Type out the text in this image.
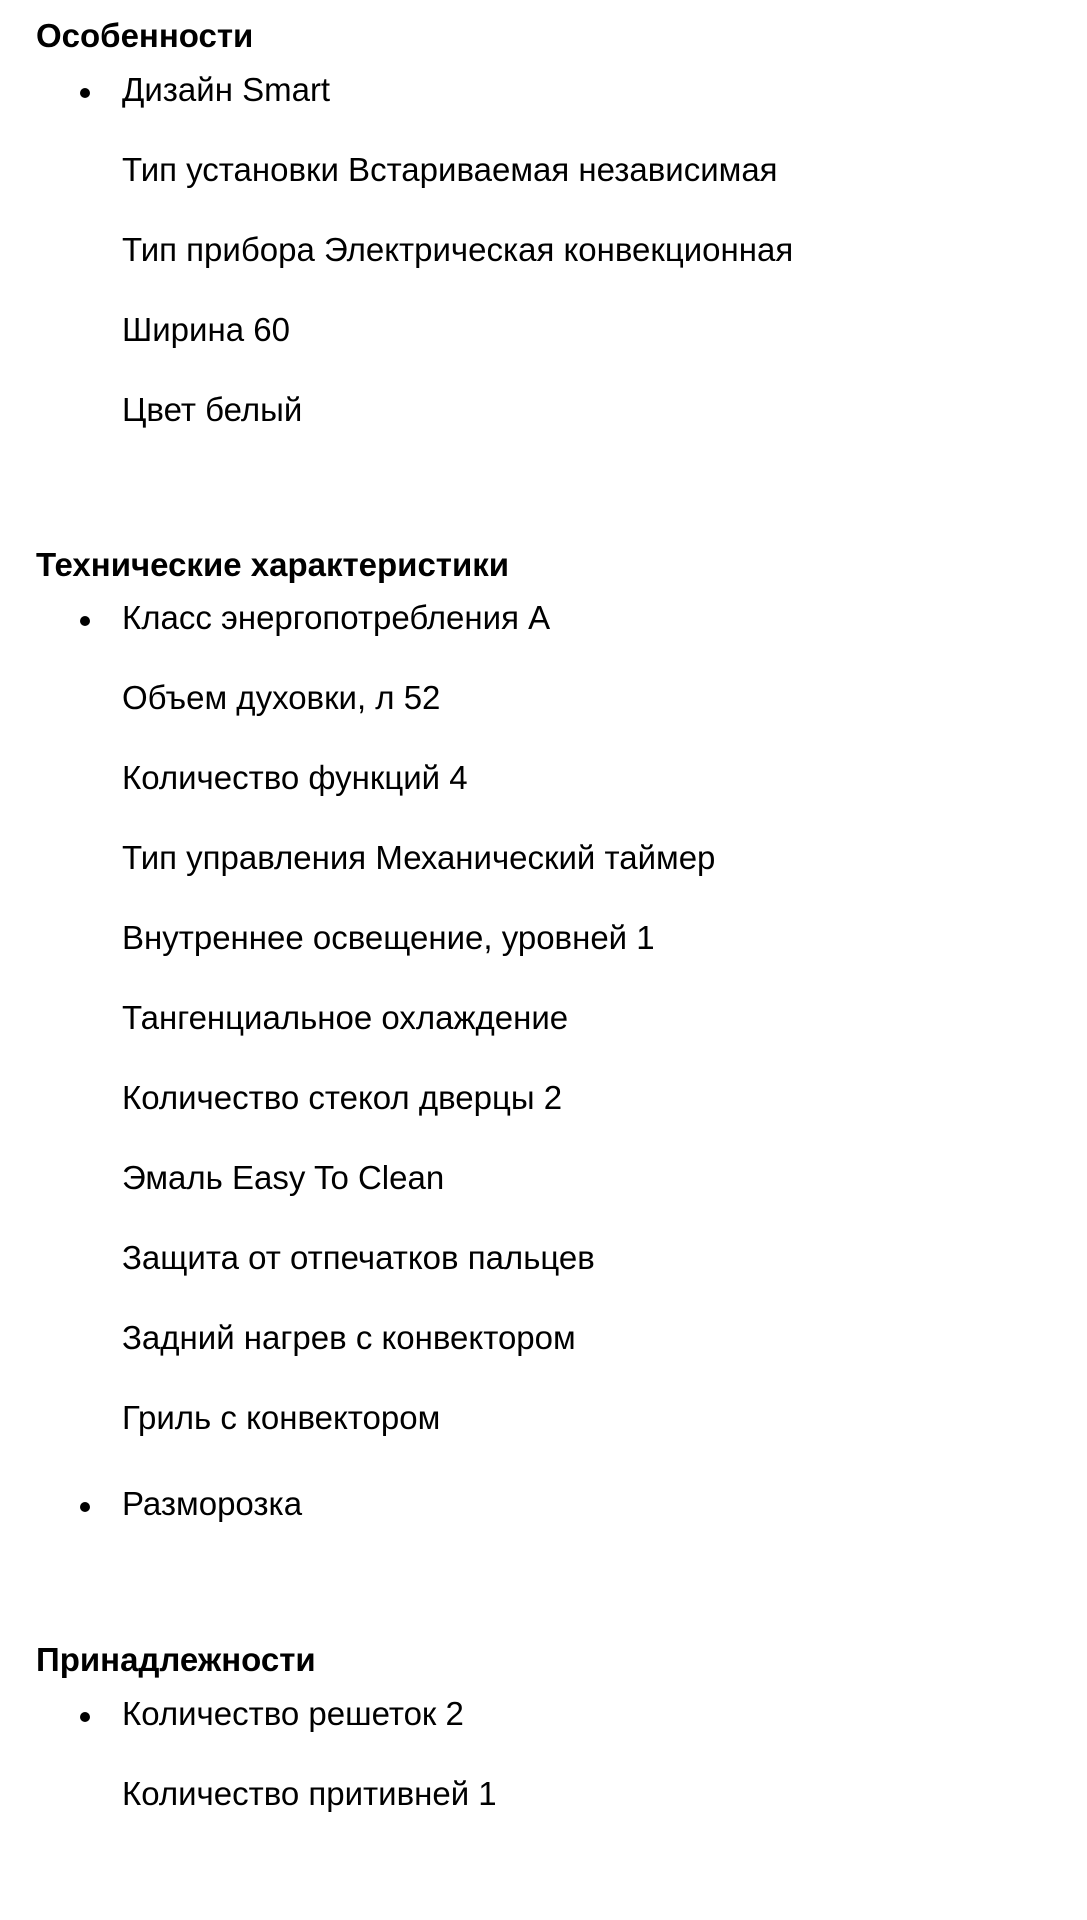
Особенности

Дизайн Smart

Тип установки Встариваемая независимая

Тип прибора Электрическая конвекционная

Ширина 60

Цвет белый

Технические характеристики

Класс энергопотребления А

Объем духовки, л 52

Количество функций 4

Тип управления Механический таймер

Внутреннее освещение, уровней 1

Тангенциальное охлаждение

Количество стекол дверцы 2

Эмаль Easy To Clean

Защита от отпечатков пальцев

Задний нагрев с конвектором

Гриль с конвектором

Разморозка

Принадлежности

Количество решеток 2

Количество притивней 1
